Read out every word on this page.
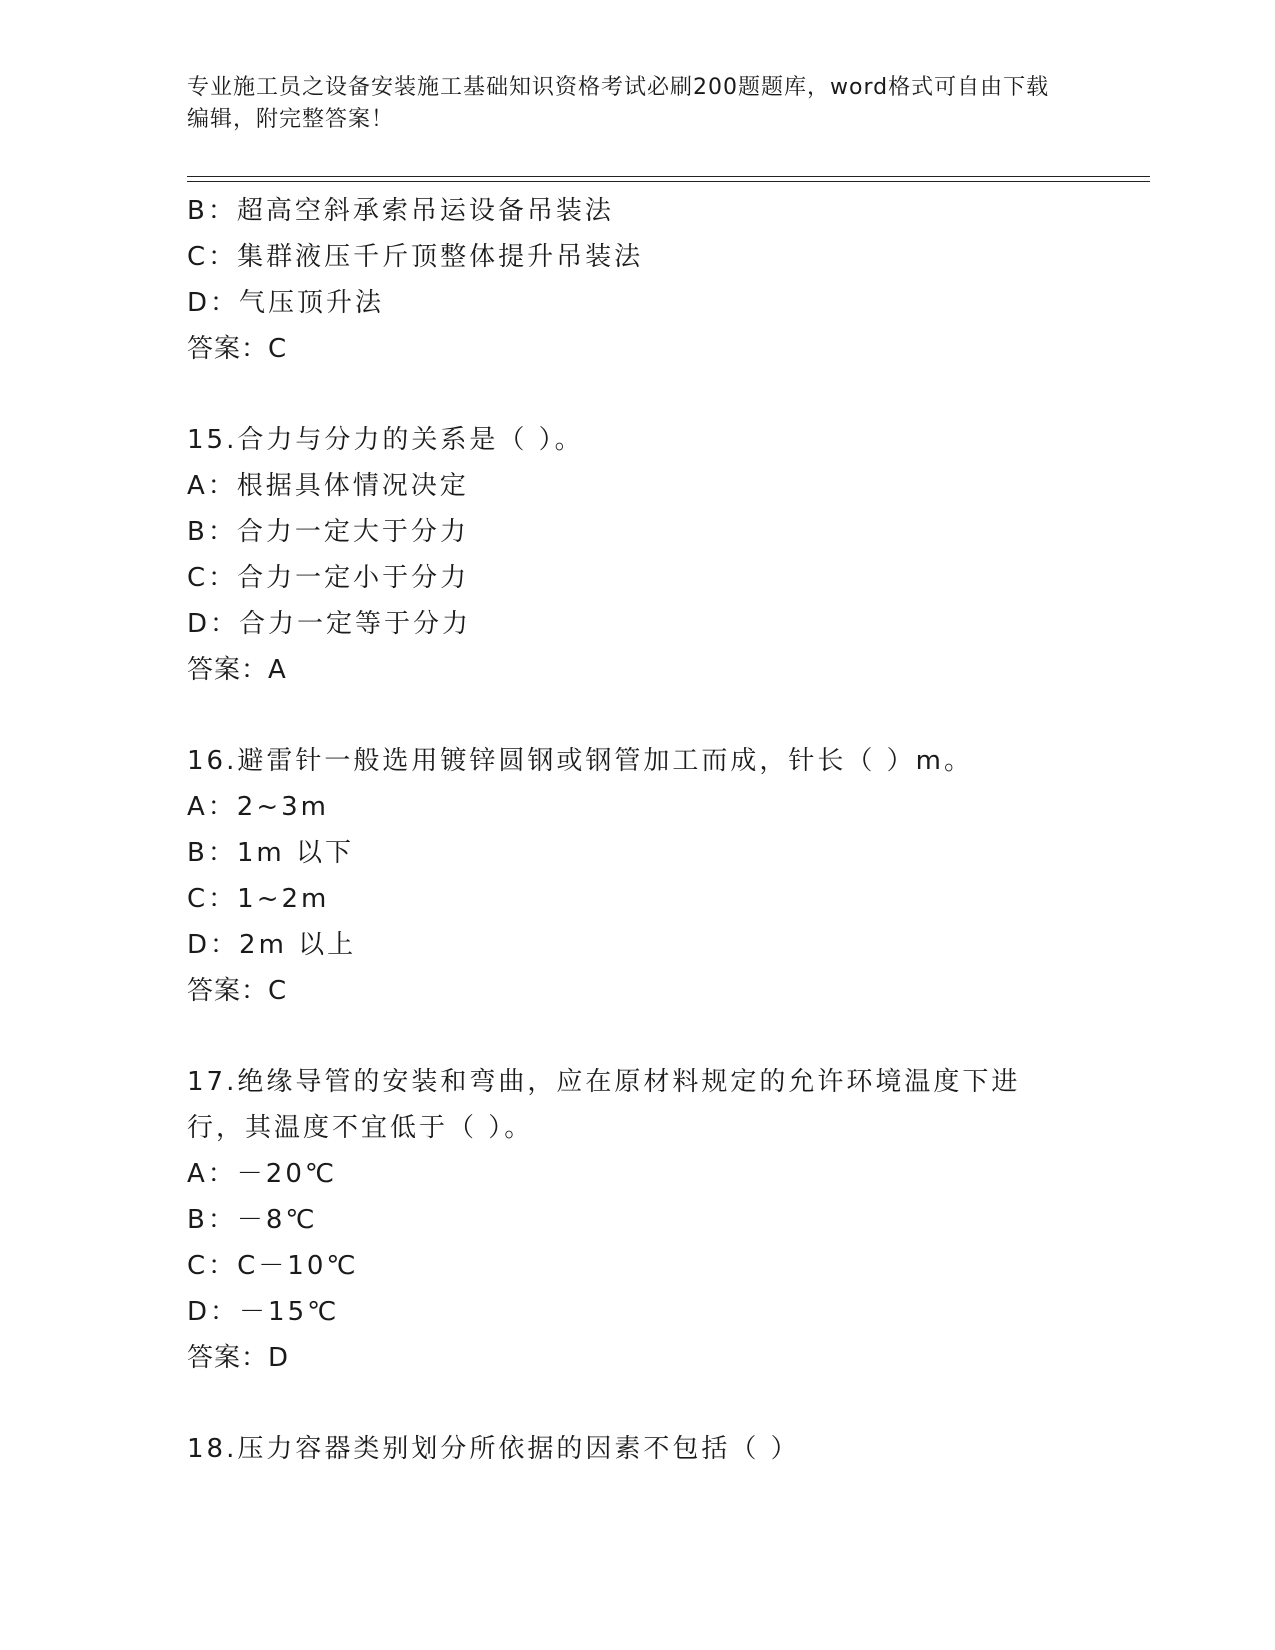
专业施工员之设备安装施工基础知识资格考试必刷200题题库，word格式可自由下载编辑，附完整答案！
B：超高空斜承索吊运设备吊装法
C：集群液压千斤顶整体提升吊装法
D：气压顶升法
答案：C
15.合力与分力的关系是（ ）。
A：根据具体情况决定
B：合力一定大于分力
C：合力一定小于分力
D：合力一定等于分力
答案：A
16.避雷针一般选用镀锌圆钢或钢管加工而成，针长（ ）m。
A：2~3m
B：1m 以下
C：1~2m
D：2m 以上
答案：C
17.绝缘导管的安装和弯曲，应在原材料规定的允许环境温度下进行，其温度不宜低于（ ）。
A：－20℃
B：－8℃
C：C－10℃
D：－15℃
答案：D
18.压力容器类别划分所依据的因素不包括（ ）
